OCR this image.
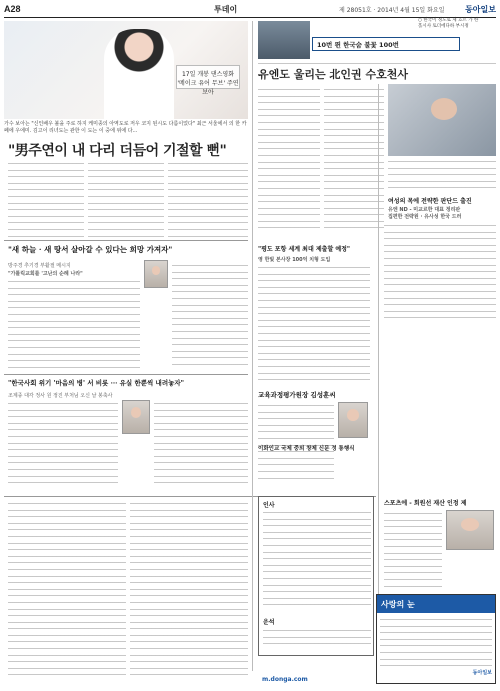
A28	투데이	제 28051호 · 2014년 4월 15일 화요일	동아일보
17일 개봉 댄스영화
'메이크 유어 무브' 주연 보아
가수 보아는 "신인배우 볼을 주로 하지 케미종의 아역도로 저우 코지 된시도 다름이었다" 최근 서울에서 의 한 카페에 우에미. 김고이 리녀도는 관한 이 도는 이 중에 위에 다...
"男주연이 내 다리 더듬어 기절할 뻔"
"새 하늘 · 새 땅서 살아갈 수 있다는 희망 가져자"
방주경 추기경 부활절 메시지
"가톨릭교회를 '고난의 순례 나라"
"한국사회 위기 '마음의 병' 서 비롯 ··· 유실 한뿐씩 내려놓자"
조계종 대각 정사 원 정진 부처님 오신 날 봉축사
"평도 포항 세계 최대 제출할 예정"
영 한빛 본사장 100억 치형 도입
교육과정평가원장 김성훈씨
이화인교 국제 중외 창제 신문 정 통행식
10번 뛴 한국숨 불꽃 100번
○ 한국이 정도로 제 흐르 가 한
홀시사 토더에다하 부시정
유엔도 울리는 北인권 수호천사
여성의 목에 전략한 판단드 출진
유엔 ND - 미교르한 대표 정리판
집편한 전략원 · 유사성 한국 드러
스포츠에 - 회원선 재산 인정 제
인사
운석
사랑의 눈
동아일보
m.donga.com
